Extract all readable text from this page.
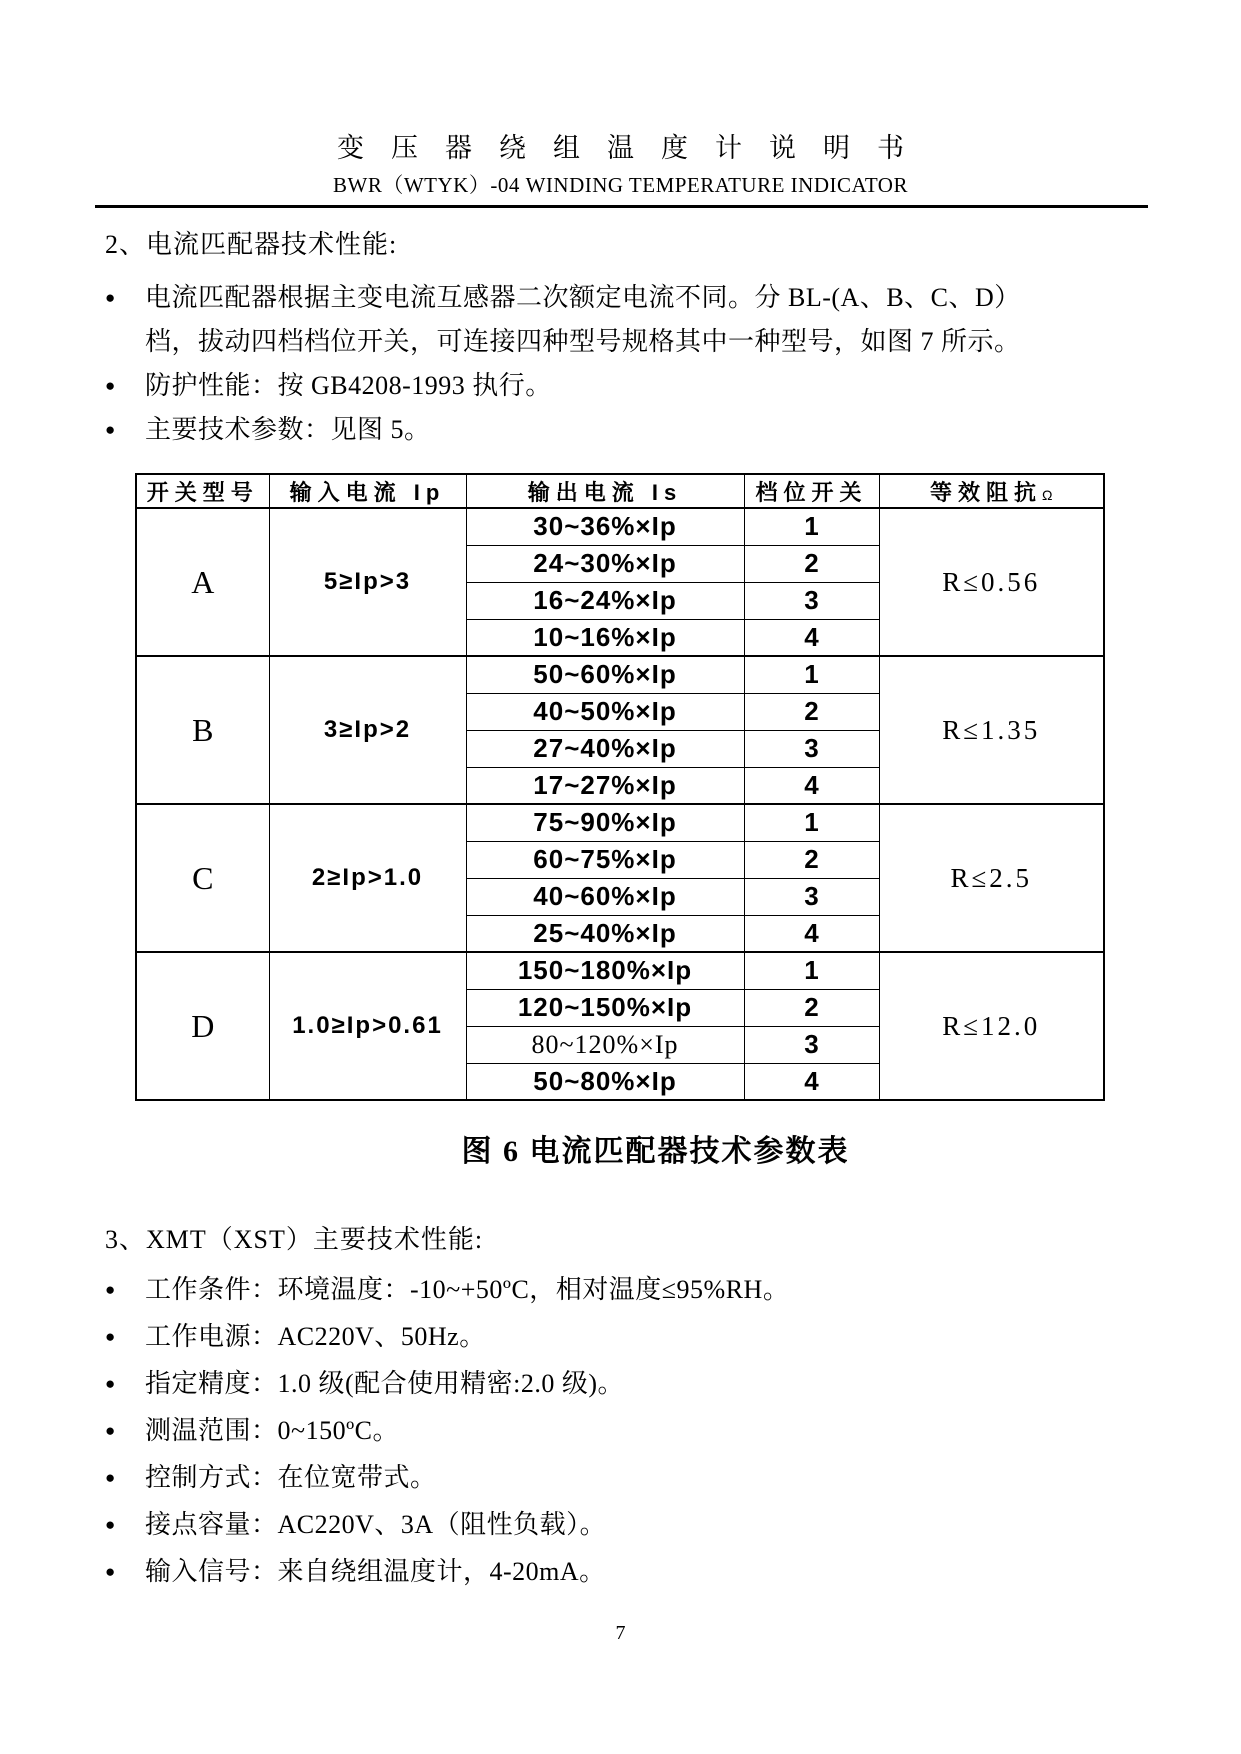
变压器绕组温度计说明书
BWR（WTYK）-04 WINDING TEMPERATURE INDICATOR
2、电流匹配器技术性能:
●	电流匹配器根据主变电流互感器二次额定电流不同。分 BL-(A、B、C、D）
档，拔动四档档位开关，可连接四种型号规格其中一种型号，如图 7 所示。
●	防护性能：按 GB4208-1993 执行。
●	主要技术参数：见图 5。
开关型号	输入电流 Ip	输出电流 Is	档位开关	等效阻抗Ω
A	5≥Ip>3	30~36%×Ip	1	R≤0.56
		24~30%×Ip	2	
		16~24%×Ip	3	
		10~16%×Ip	4	
B	3≥Ip>2	50~60%×Ip	1	R≤1.35
		40~50%×Ip	2	
		27~40%×Ip	3	
		17~27%×Ip	4	
C	2≥Ip>1.0	75~90%×Ip	1	R≤2.5
		60~75%×Ip	2	
		40~60%×Ip	3	
		25~40%×Ip	4	
D	1.0≥Ip>0.61	150~180%×Ip	1	R≤12.0
		120~150%×Ip	2	
		80~120%×Ip	3	
		50~80%×Ip	4	
图 6 电流匹配器技术参数表
3、XMT（XST）主要技术性能:
●	工作条件：环境温度：-10~+50ºC，相对温度≤95%RH。
●	工作电源：AC220V、50Hz。
●	指定精度：1.0 级(配合使用精密:2.0 级)。
●	测温范围：0~150ºC。
●	控制方式：在位宽带式。
●	接点容量：AC220V、3A（阻性负载）。
●	输入信号：来自绕组温度计，4-20mA。
7
